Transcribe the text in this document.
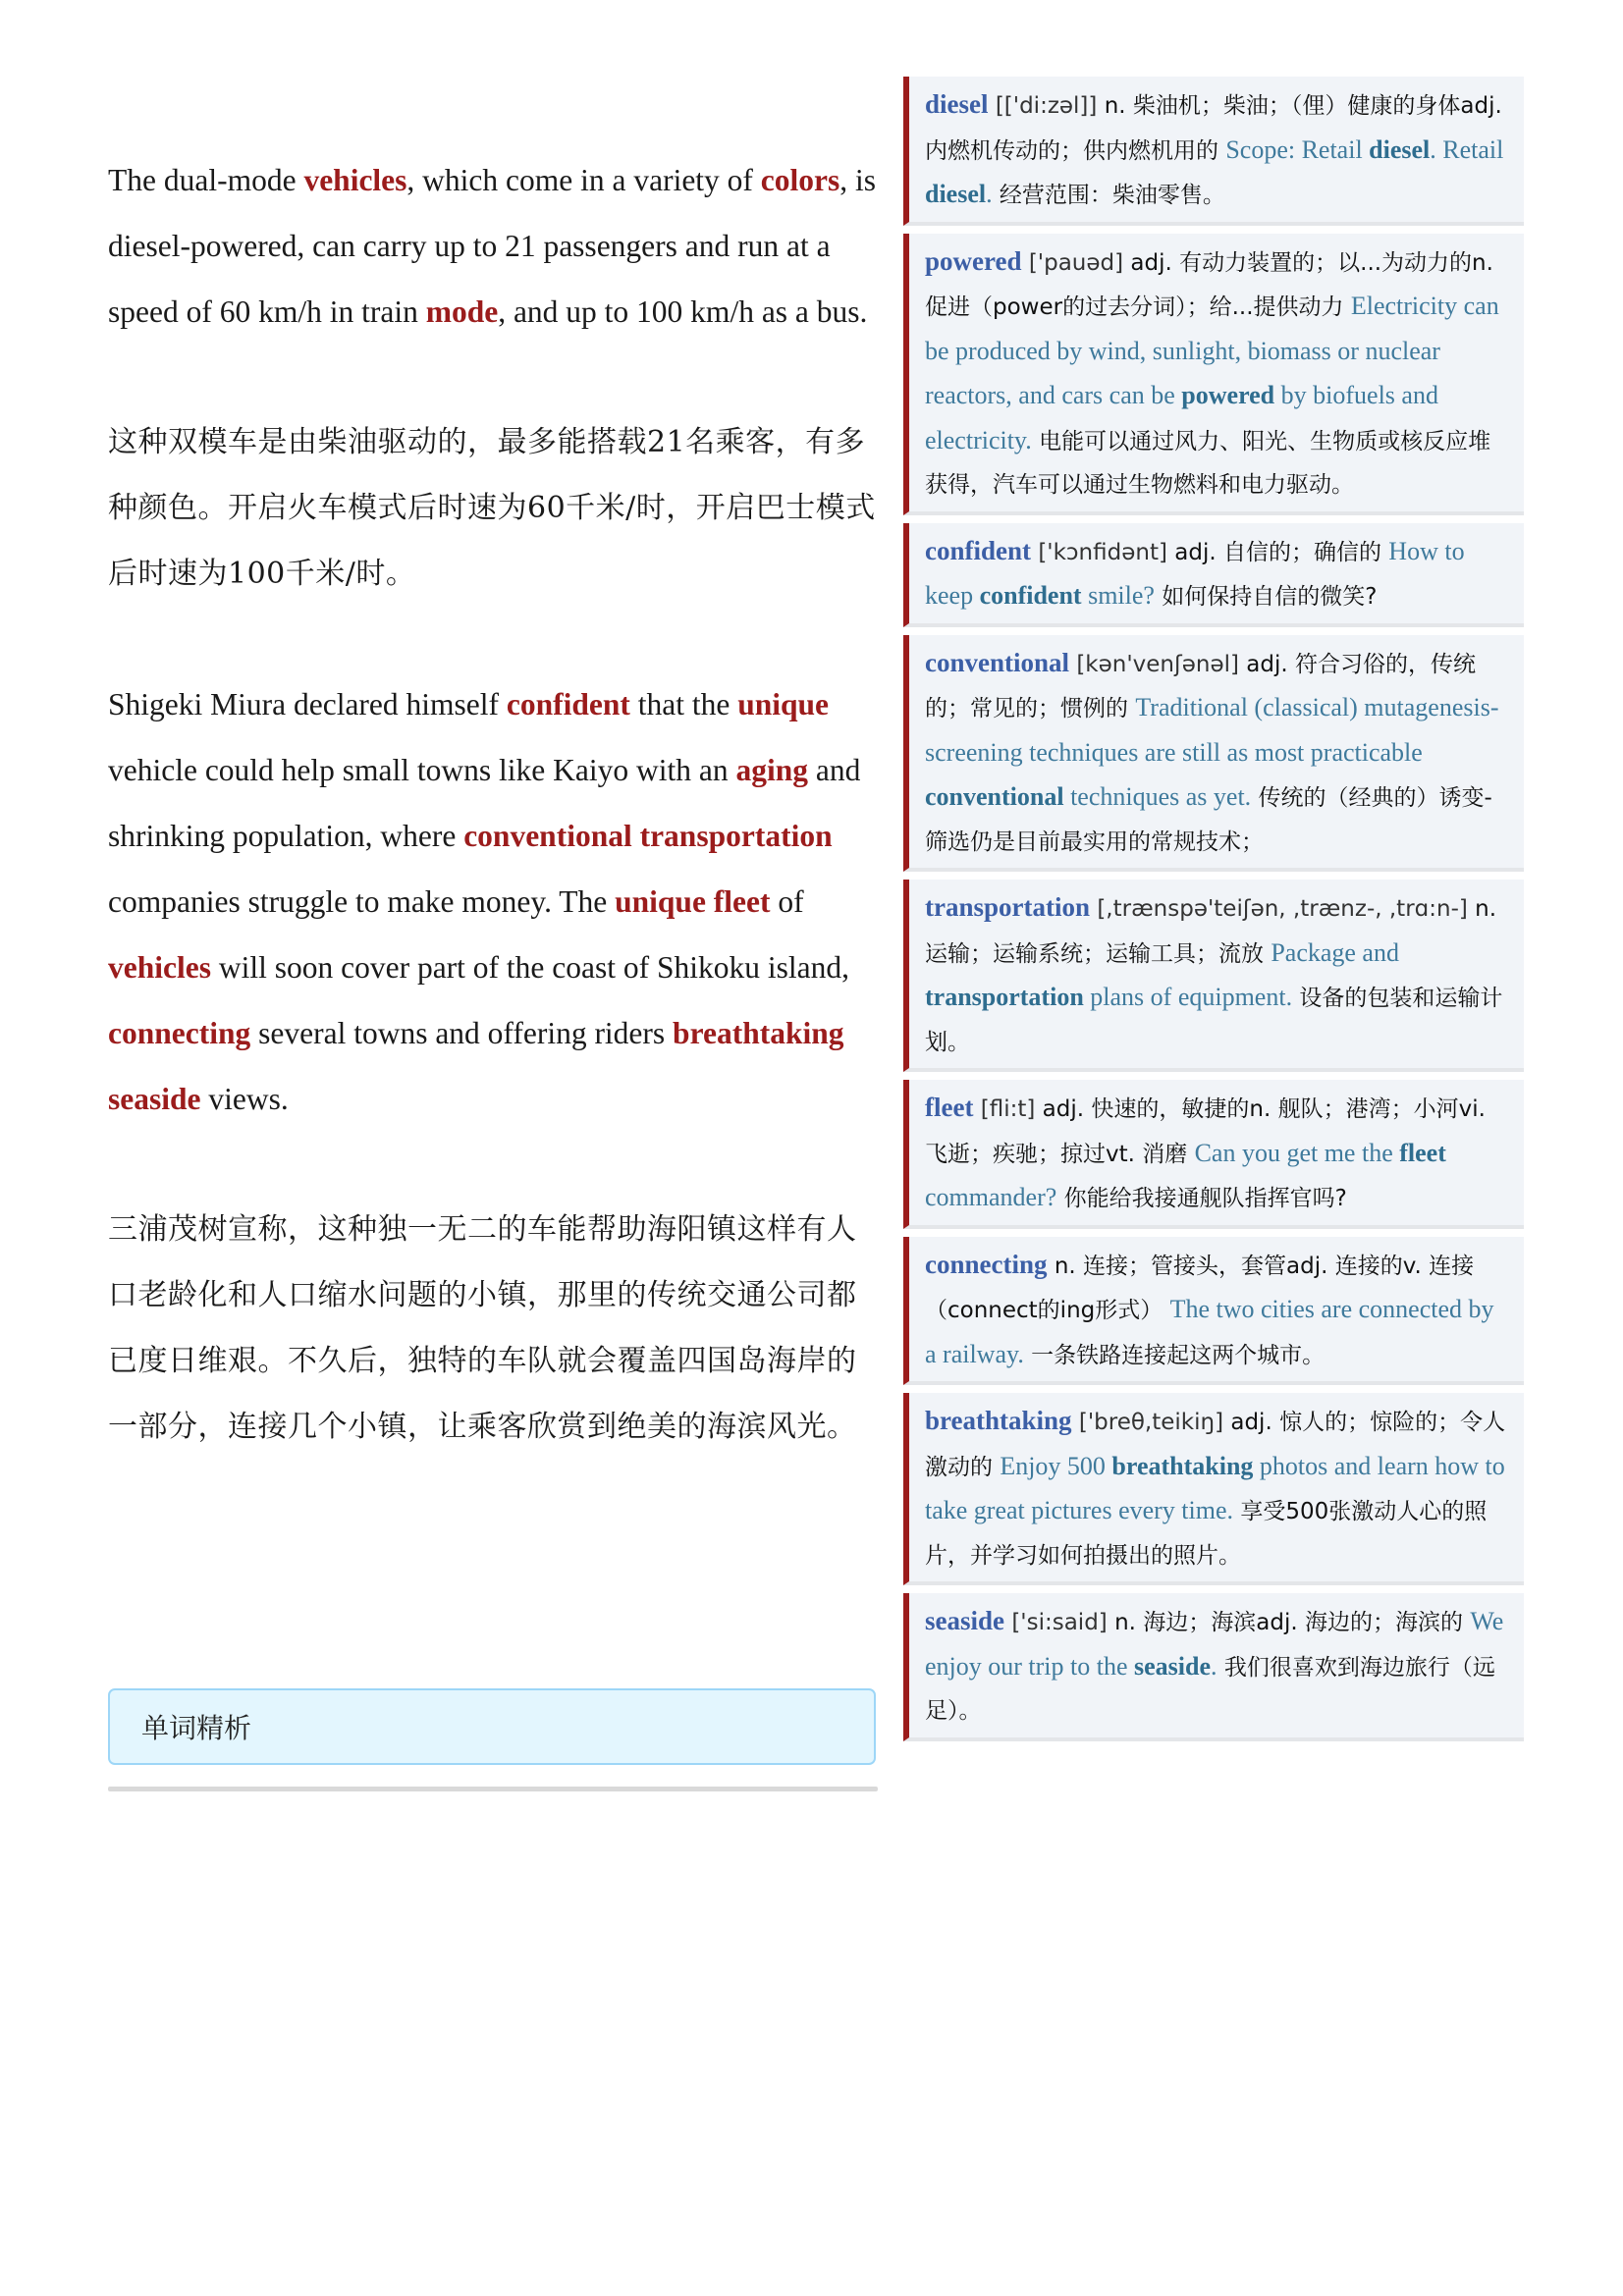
The dual-mode vehicles, which come in a variety of colors, is diesel-powered, can carry up to 21 passengers and run at a speed of 60 km/h in train mode, and up to 100 km/h as a bus.

这种双模车是由柴油驱动的，最多能搭载21名乘客，有多种颜色。开启火车模式后时速为60千米/时，开启巴士模式后时速为100千米/时。

Shigeki Miura declared himself confident that the unique vehicle could help small towns like Kaiyo with an aging and shrinking population, where conventional transportation companies struggle to make money. The unique fleet of vehicles will soon cover part of the coast of Shikoku island, connecting several towns and offering riders breathtaking seaside views.

三浦茂树宣称，这种独一无二的车能帮助海阳镇这样有人口老龄化和人口缩水问题的小镇，那里的传统交通公司都已度日维艰。不久后，独特的车队就会覆盖四国岛海岸的一部分，连接几个小镇，让乘客欣赏到绝美的海滨风光。

单词精析
diesel [['di:zəl]] n. 柴油机；柴油；（俚）健康的身体adj. 内燃机传动的；供内燃机用的 Scope: Retail diesel. Retail diesel. 经营范围：柴油零售。
powered ['pauəd] adj. 有动力装置的；以...为动力的n. 促进（power的过去分词）；给...提供动力 Electricity can be produced by wind, sunlight, biomass or nuclear reactors, and cars can be powered by biofuels and electricity. 电能可以通过风力、阳光、生物质或核反应堆获得，汽车可以通过生物燃料和电力驱动。
confident ['kɔnfidənt] adj. 自信的；确信的 How to keep confident smile? 如何保持自信的微笑?
conventional [kən'venʃənəl] adj. 符合习俗的，传统的；常见的；惯例的 Traditional (classical) mutagenesis-screening techniques are still as most practicable conventional techniques as yet. 传统的（经典的）诱变-筛选仍是目前最实用的常规技术；
transportation [,trænspə'teiʃən, ,trænz-, ,trɑ:n-] n. 运输；运输系统；运输工具；流放 Package and transportation plans of equipment. 设备的包装和运输计划。
fleet [fli:t] adj. 快速的，敏捷的n. 舰队；港湾；小河vi. 飞逝；疾驰；掠过vt. 消磨 Can you get me the fleet commander? 你能给我接通舰队指挥官吗?
connecting n. 连接；管接头，套管adj. 连接的v. 连接（connect的ing形式） The two cities are connected by a railway. 一条铁路连接起这两个城市。
breathtaking ['breθ,teikiŋ] adj. 惊人的；惊险的；令人激动的 Enjoy 500 breathtaking photos and learn how to take great pictures every time. 享受500张激动人心的照片，并学习如何拍摄出的照片。
seaside ['si:said] n. 海边；海滨adj. 海边的；海滨的 We enjoy our trip to the seaside. 我们很喜欢到海边旅行（远足）。
